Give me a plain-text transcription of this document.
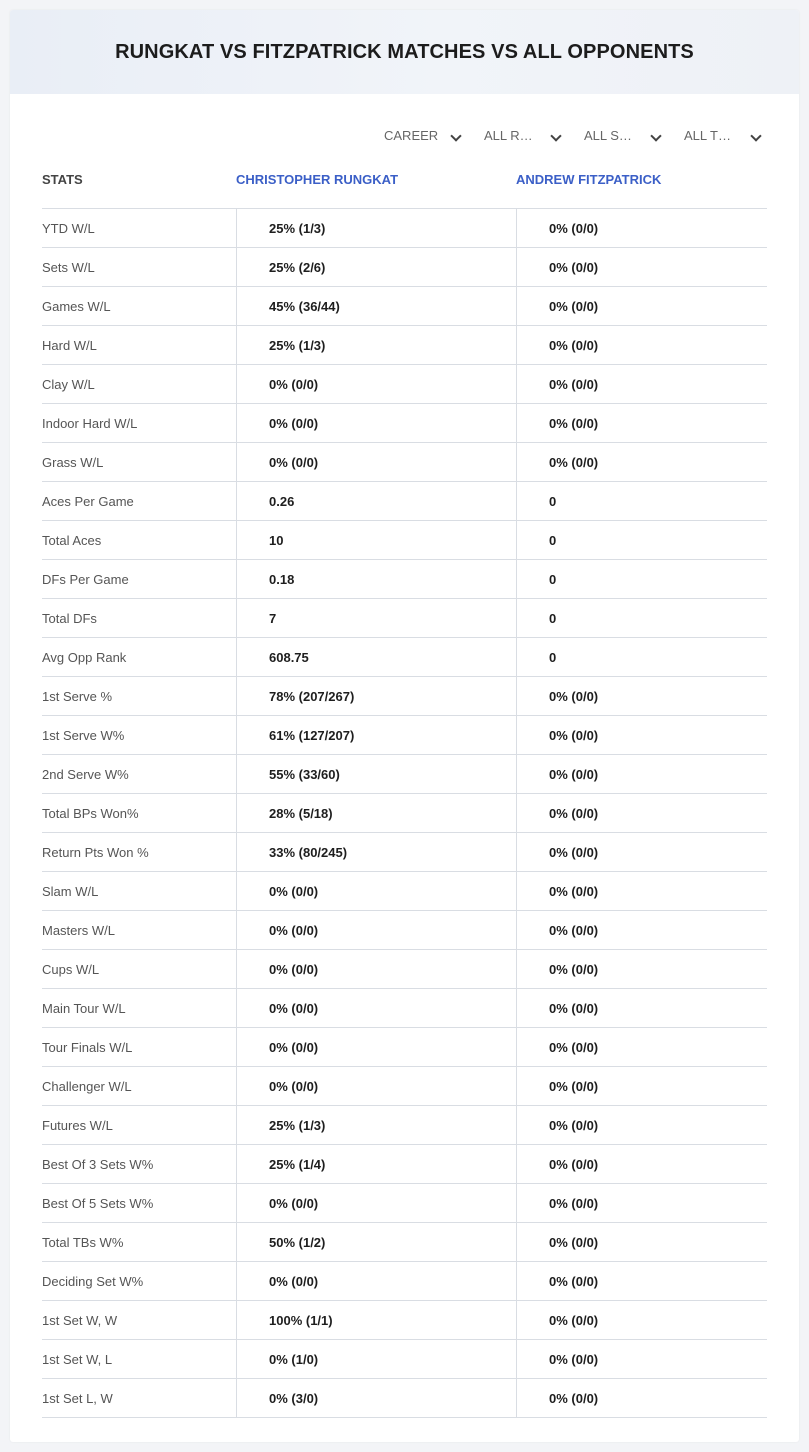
RUNGKAT VS FITZPATRICK MATCHES VS ALL OPPONENTS
CAREER	ALL R…	ALL S…	ALL T…
STATS	CHRISTOPHER RUNGKAT	ANDREW FITZPATRICK
YTD W/L	25% (1/3)	0% (0/0)
Sets W/L	25% (2/6)	0% (0/0)
Games W/L	45% (36/44)	0% (0/0)
Hard W/L	25% (1/3)	0% (0/0)
Clay W/L	0% (0/0)	0% (0/0)
Indoor Hard W/L	0% (0/0)	0% (0/0)
Grass W/L	0% (0/0)	0% (0/0)
Aces Per Game	0.26	0
Total Aces	10	0
DFs Per Game	0.18	0
Total DFs	7	0
Avg Opp Rank	608.75	0
1st Serve %	78% (207/267)	0% (0/0)
1st Serve W%	61% (127/207)	0% (0/0)
2nd Serve W%	55% (33/60)	0% (0/0)
Total BPs Won%	28% (5/18)	0% (0/0)
Return Pts Won %	33% (80/245)	0% (0/0)
Slam W/L	0% (0/0)	0% (0/0)
Masters W/L	0% (0/0)	0% (0/0)
Cups W/L	0% (0/0)	0% (0/0)
Main Tour W/L	0% (0/0)	0% (0/0)
Tour Finals W/L	0% (0/0)	0% (0/0)
Challenger W/L	0% (0/0)	0% (0/0)
Futures W/L	25% (1/3)	0% (0/0)
Best Of 3 Sets W%	25% (1/4)	0% (0/0)
Best Of 5 Sets W%	0% (0/0)	0% (0/0)
Total TBs W%	50% (1/2)	0% (0/0)
Deciding Set W%	0% (0/0)	0% (0/0)
1st Set W, W	100% (1/1)	0% (0/0)
1st Set W, L	0% (1/0)	0% (0/0)
1st Set L, W	0% (3/0)	0% (0/0)
